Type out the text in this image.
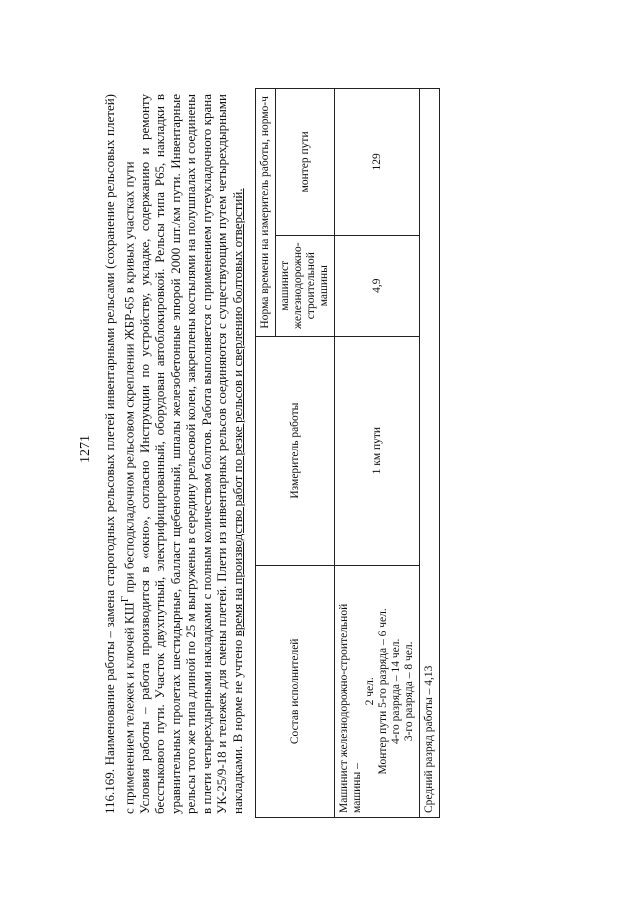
1271

116.169. Наименование работы – замена старогодных рельсовых плетей инвентарными рельсами (сохранение рельсовых плетей) с применением тележек и ключей $КШ^Г$ при бесподкладочном рельсовом скреплении ЖБР-65 в кривых участках пути Условия работы – работа производится в «окно», согласно Инструкции по устройству, укладке, содержанию и ремонту бесстыкового пути. Участок двухпутный, электрифицированный, оборудован автоблокировкой. Рельсы типа Р65, накладки в уравнительных пролетах шестидырные, балласт щебеночный, шпалы железобетонные эпюрой 2000 шт./км пути. Инвентарные рельсы того же типа длиной по 25 м выгружены в середину рельсовой колеи, закреплены костылями на полушпалах и соединены в плети четырехдырными накладками с полным количеством болтов. Работа выполняется с применением путеукладочного крана УК-25/9-18 и тележек для смены плетей. Плети из инвентарных рельсов соединяются с существующим путем четырехдырными накладками. В норме не учтено время на производство работ по резке рельсов и сверлению болтовых отверстий.

Состав исполнителей	Измеритель работы	Норма времени на измеритель работы, нормо-ч	
		машинист железнодорожно-строительной машины	монтер пути

Машинист железнодорожно-строительной машины –
2 чел. Монтер пути 5-го разряда – 6 чел. 4-го разряда – 14 чел. 3-го разряда – 8 чел.	1 км пути	4,9	129
Средний разряд работы – 4,13			
